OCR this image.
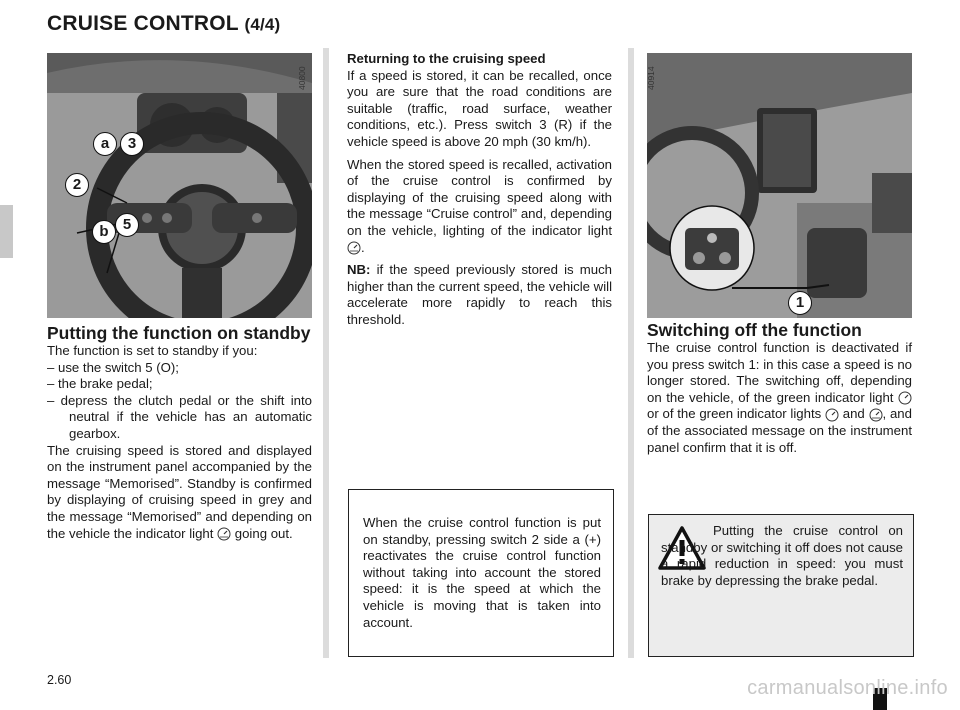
CRUISE CONTROL (4/4)
a	3
2
b 5
40800
1
40914
Putting the function on standby
The function is set to standby if you:
– use the switch 5 (O);
– the brake pedal;
– depress the clutch pedal or the shift into neutral if the vehicle has an automatic gearbox.
The cruising speed is stored and displayed on the instrument panel accompanied by the message “Memorised”. Standby is confirmed by displaying of cruising speed in grey and the message “Memorised” and depending on the vehicle the indicator light going out.
Returning to the cruising speed
If a speed is stored, it can be recalled, once you are sure that the road conditions are suitable (traffic, road surface, weather conditions, etc.). Press switch 3 (R) if the vehicle speed is above 20 mph (30 km/h).
When the stored speed is recalled, activation of the cruise control is confirmed by displaying of the cruising speed along with the message “Cruise control” and, depending on the vehicle, lighting of the indicator light .
NB: if the speed previously stored is much higher than the current speed, the vehicle will accelerate more rapidly to reach this threshold.
When the cruise control function is put on standby, pressing switch 2 side a (+) reactivates the cruise control function without taking into account the stored speed: it is the speed at which the vehicle is moving that is taken into account.
Switching off the function
The cruise control function is deactivated if you press switch 1: in this case a speed is no longer stored. The switching off, depending on the vehicle, of the green indicator light  or of the green indicator lights and , and of the associated message on the instrument panel confirm that it is off.
Putting the cruise control on standby or switching it off does not cause a rapid reduction in speed: you must brake by depressing the brake pedal.
2.60	carmanualsonline.info
